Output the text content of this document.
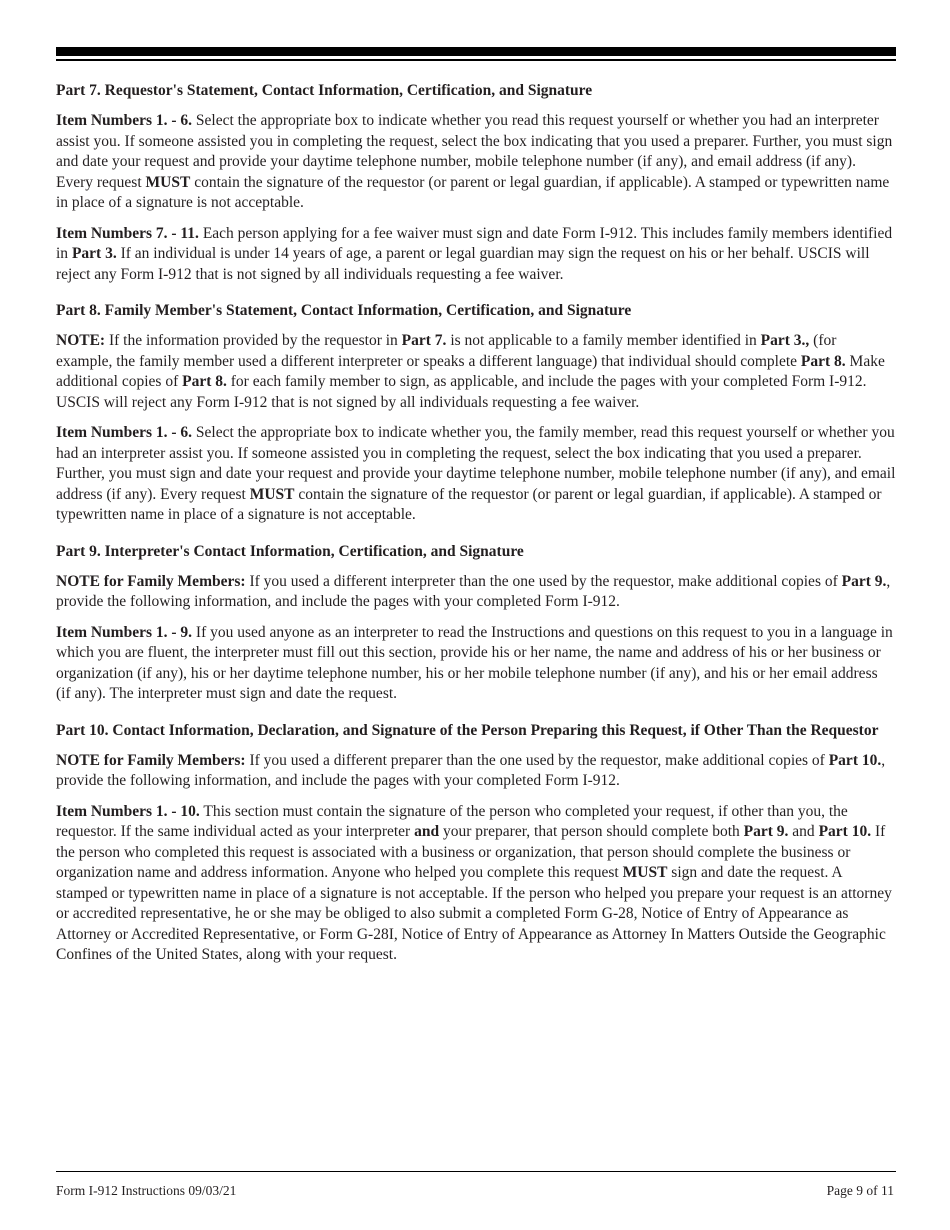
Part 7. Requestor's Statement, Contact Information, Certification, and Signature

Item Numbers 1. - 6. Select the appropriate box to indicate whether you read this request yourself or whether you had an interpreter assist you. If someone assisted you in completing the request, select the box indicating that you used a preparer. Further, you must sign and date your request and provide your daytime telephone number, mobile telephone number (if any), and email address (if any). Every request MUST contain the signature of the requestor (or parent or legal guardian, if applicable). A stamped or typewritten name in place of a signature is not acceptable.

Item Numbers 7. - 11. Each person applying for a fee waiver must sign and date Form I-912. This includes family members identified in Part 3. If an individual is under 14 years of age, a parent or legal guardian may sign the request on his or her behalf. USCIS will reject any Form I-912 that is not signed by all individuals requesting a fee waiver.

Part 8. Family Member's Statement, Contact Information, Certification, and Signature

NOTE: If the information provided by the requestor in Part 7. is not applicable to a family member identified in Part 3., (for example, the family member used a different interpreter or speaks a different language) that individual should complete Part 8. Make additional copies of Part 8. for each family member to sign, as applicable, and include the pages with your completed Form I-912. USCIS will reject any Form I-912 that is not signed by all individuals requesting a fee waiver.

Item Numbers 1. - 6. Select the appropriate box to indicate whether you, the family member, read this request yourself or whether you had an interpreter assist you. If someone assisted you in completing the request, select the box indicating that you used a preparer. Further, you must sign and date your request and provide your daytime telephone number, mobile telephone number (if any), and email address (if any). Every request MUST contain the signature of the requestor (or parent or legal guardian, if applicable). A stamped or typewritten name in place of a signature is not acceptable.

Part 9. Interpreter's Contact Information, Certification, and Signature

NOTE for Family Members: If you used a different interpreter than the one used by the requestor, make additional copies of Part 9., provide the following information, and include the pages with your completed Form I-912.

Item Numbers 1. - 9. If you used anyone as an interpreter to read the Instructions and questions on this request to you in a language in which you are fluent, the interpreter must fill out this section, provide his or her name, the name and address of his or her business or organization (if any), his or her daytime telephone number, his or her mobile telephone number (if any), and his or her email address (if any). The interpreter must sign and date the request.

Part 10. Contact Information, Declaration, and Signature of the Person Preparing this Request, if Other Than the Requestor

NOTE for Family Members: If you used a different preparer than the one used by the requestor, make additional copies of Part 10., provide the following information, and include the pages with your completed Form I-912.

Item Numbers 1. - 10. This section must contain the signature of the person who completed your request, if other than you, the requestor. If the same individual acted as your interpreter and your preparer, that person should complete both Part 9. and Part 10. If the person who completed this request is associated with a business or organization, that person should complete the business or organization name and address information. Anyone who helped you complete this request MUST sign and date the request. A stamped or typewritten name in place of a signature is not acceptable. If the person who helped you prepare your request is an attorney or accredited representative, he or she may be obliged to also submit a completed Form G-28, Notice of Entry of Appearance as Attorney or Accredited Representative, or Form G-28I, Notice of Entry of Appearance as Attorney In Matters Outside the Geographic Confines of the United States, along with your request.

Form I-912 Instructions 09/03/21	Page 9 of 11
